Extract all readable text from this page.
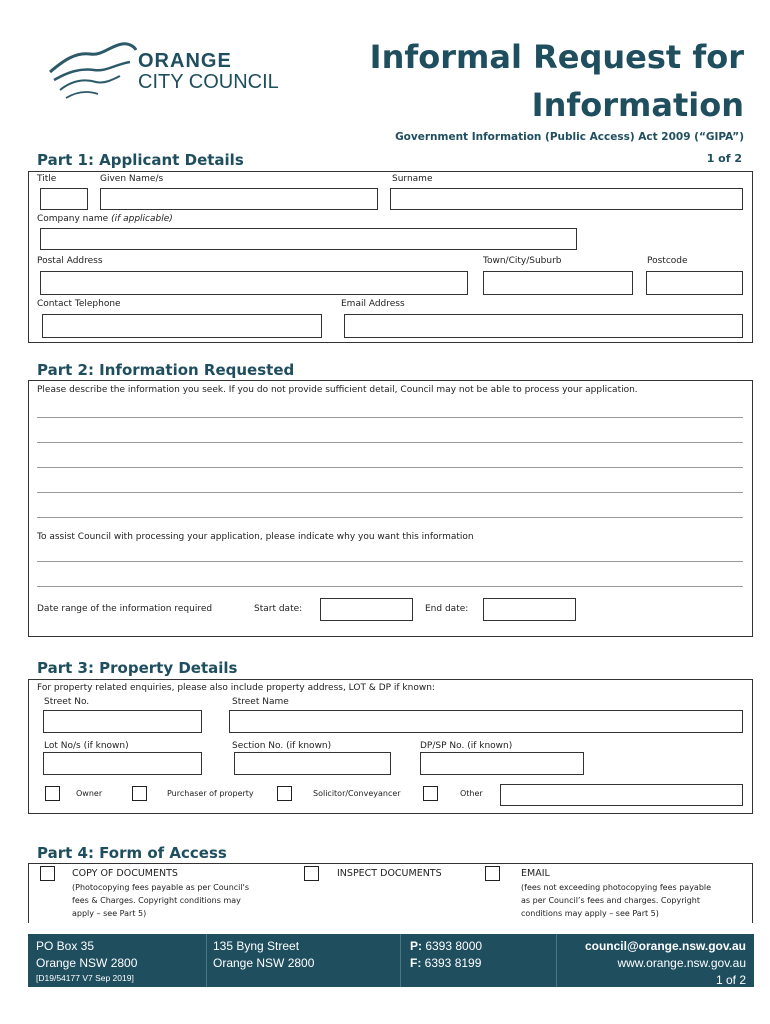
ORANGE
CITY COUNCIL
Informal Request for
Information
Government Information (Public Access) Act 2009 (“GIPA”)
1 of 2
Part 1: Applicant Details
Title	Given Name/s	Surname
Company name (if applicable)
Postal Address	Town/City/Suburb	Postcode
Contact Telephone	Email Address
Part 2: Information Requested
Please describe the information you seek. If you do not provide sufficient detail, Council may not be able to process your application.
To assist Council with processing your application, please indicate why you want this information
Date range of the information required	Start date:	End date:
Part 3: Property Details
For property related enquiries, please also include property address, LOT & DP if known:
Street No.	Street Name
Lot No/s (if known)	Section No. (if known)	DP/SP No. (if known)
Owner	Purchaser of property	Solicitor/Conveyancer	Other
Part 4: Form of Access
COPY OF DOCUMENTS
(Photocopying fees payable as per Council's
fees & Charges. Copyright conditions may
apply – see Part 5)
INSPECT DOCUMENTS	EMAIL
(fees not exceeding photocopying fees payable
as per Council’s fees and charges. Copyright
conditions may apply – see Part 5)
PO Box 35
Orange NSW 2800
[D19/54177 V7 Sep 2019]
135 Byng Street
Orange NSW 2800
P: 6393 8000
F: 6393 8199
council@orange.nsw.gov.au
www.orange.nsw.gov.au
1 of 2
